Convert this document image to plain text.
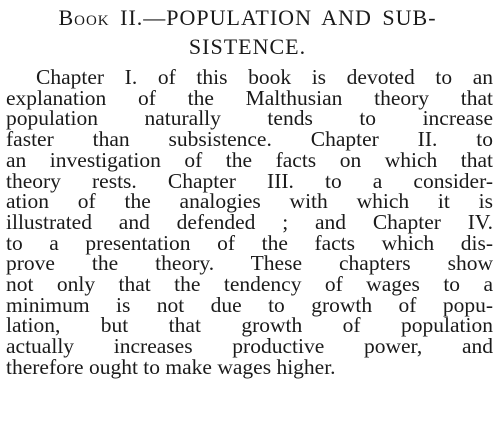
Book II.—POPULATION AND SUB-
SISTENCE.
Chapter I. of this book is devoted to an
explanation of the Malthusian theory that
population naturally tends to increase
faster than subsistence. Chapter II. to
an investigation of the facts on which that
theory rests. Chapter III. to a consider-
ation of the analogies with which it is
illustrated and defended ; and Chapter IV.
to a presentation of the facts which dis-
prove the theory. These chapters show
not only that the tendency of wages to a
minimum is not due to growth of popu-
lation, but that growth of population
actually increases productive power, and
therefore ought to make wages higher.
